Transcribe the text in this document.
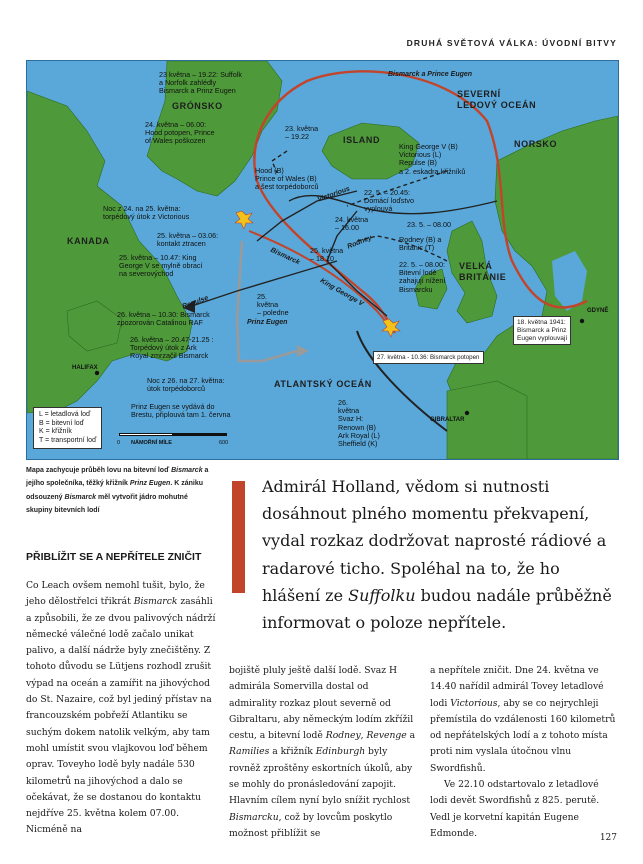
DRUHÁ SVĚTOVÁ VÁLKA: ÚVODNÍ BITVY
GRÓNSKO
ISLAND
KANADA
SEVERNÍ
LEDOVÝ OCEÁN
NORSKO
VELKÁ
BRITÁNIE
ATLANTSKÝ OCEÁN
HALIFAX
GIBRALTAR
GDYNĚ
Bismarck a Prince Eugen
Bismarck
Victorious
Rodney
Repulse	King George V
Prinz Eugen
23 května – 19.22: Suffolk
a Norfolk zahlédly
Bismarck a Prinz Eugen
24. května – 06.00:
Hood potopen, Prince
of Wales poškozen
23. května
– 19.22
King George V (B)
Victorious (L)
Repulse (B)
a 2. eskadra křižníků
Hood (B)
Prince of Wales (B)
a šest torpédoborců
22. 5. – 20.45:
Domácí loďstvo
vyplouvá
Noc z 24. na 25. května:
torpédový útok z Victorious	24. května
– 16.00	23. 5. – 08.00
25. května – 03.06:
kontakt ztracen	Rodney (B) a
Britanic (T)
25. května – 10.47: King
George V se mylně obrací
na severovýchod
25. května
– 18.10
22. 5. – 08.00:
Bitevní lodě
zahajují nížení
Bismarcku
25.
května
– poledne
26. května – 10.30: Bismarck
zpozorován Catalinou RAF
26. května – 20.47-21.25 :
Torpédový útok z Ark
Royal zmrzačil Bismarck	27. května - 10.36: Bismarck potopen
18. května 1941:
Bismarck a Prinz
Eugen vyplouvají
Noc z 26. na 27. května:
útok torpédoborců
Prinz Eugen se vydává do
Brestu, připlouvá tam 1. června
26.
května
Svaz H:
Renown (B)
Ark Royal (L)
Sheffield (K)
L = letadlová loď
B = bitevní loď
K = křižník
T = transportní loď	0 NÁMOŘNÍ MÍLE	600
Mapa zachycuje průběh lovu na bitevní loď Bismarck a jejího společníka, těžký křižník Prinz Eugen. K zániku odsouzený Bismarck měl vytvořit jádro mohutné skupiny bitevních lodí
PŘIBLÍŽIT SE A NEPŘÍTELE ZNIČIT
Admirál Holland, vědom si nutnosti dosáhnout plného momentu překvapení, vydal rozkaz dodržovat naprosté rádiové a radarové ticho. Spoléhal na to, že ho hlášení ze Suffolku budou nadále průběžně informovat o poloze nepřítele.

Co Leach ovšem nemohl tušit, bylo, že jeho dělostřelci třikrát Bismarck zasáhli a způsobili, že ze dvou palivových nádrží německé válečné lodě začalo unikat palivo, a další nádrže byly znečištěny. Z tohoto důvodu se Lütjens rozhodl zrušit výpad na oceán a zamířit na jihovýchod do St. Nazaire, což byl jediný přístav na francouzském pobřeží Atlantiku se suchým dokem natolik velkým, aby tam mohl umístit svou vlajkovou loď během oprav. Toveyho lodě byly nadále 530 kilometrů na jihovýchod a dalo se očekávat, že se dostanou do kontaktu nejdříve 25. května kolem 07.00. Nicméně na

bojiště pluly ještě další lodě. Svaz H admirála Somervilla dostal od admirality rozkaz plout severně od Gibraltaru, aby německým lodím zkřížil cestu, a bitevní lodě Rodney, Revenge a Ramilies a křižník Edinburgh byly rovněž zproštěny eskortních úkolů, aby se mohly do pronásledování zapojit. Hlavním cílem nyní bylo snížit rychlost Bismarcku, což by lovcům poskytlo možnost přiblížit se

a nepřítele zničit. Dne 24. května ve 14.40 nařídil admirál Tovey letadlové lodi Victorious, aby se co nejrychleji přemístila do vzdálenosti 160 kilometrů od nepřátelských lodí a z tohoto místa proti nim vyslala útočnou vlnu Swordfishů.

Ve 22.10 odstartovalo z letadlové lodi devět Swordfishů z 825. perutě. Vedl je korvetní kapitán Eugene Edmonde.	127
